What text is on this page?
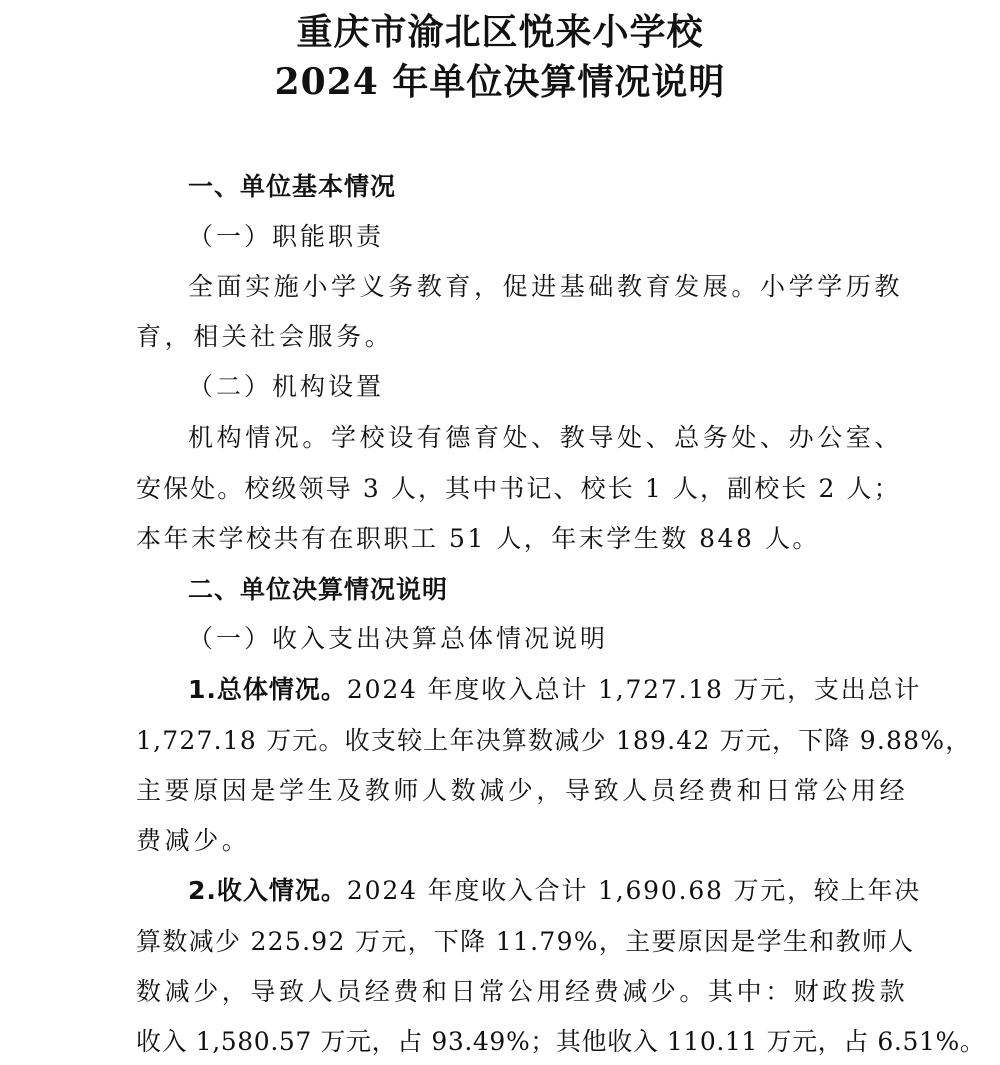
重庆市渝北区悦来小学校
2024 年单位决算情况说明
一、单位基本情况
（一）职能职责
全面实施小学义务教育，促进基础教育发展。小学学历教
育，相关社会服务。
（二）机构设置
机构情况。学校设有德育处、教导处、总务处、办公室、
安保处。校级领导 3 人，其中书记、校长 1 人，副校长 2 人；
本年末学校共有在职职工 51 人，年末学生数 848 人。
二、单位决算情况说明
（一）收入支出决算总体情况说明
1.总体情况。2024 年度收入总计 1,727.18 万元，支出总计
1,727.18 万元。收支较上年决算数减少 189.42 万元，下降 9.88%，
主要原因是学生及教师人数减少，导致人员经费和日常公用经
费减少。
2.收入情况。2024 年度收入合计 1,690.68 万元，较上年决
算数减少 225.92 万元，下降 11.79%，主要原因是学生和教师人
数减少，导致人员经费和日常公用经费减少。其中：财政拨款
收入 1,580.57 万元，占 93.49%；其他收入 110.11 万元，占 6.51%。
